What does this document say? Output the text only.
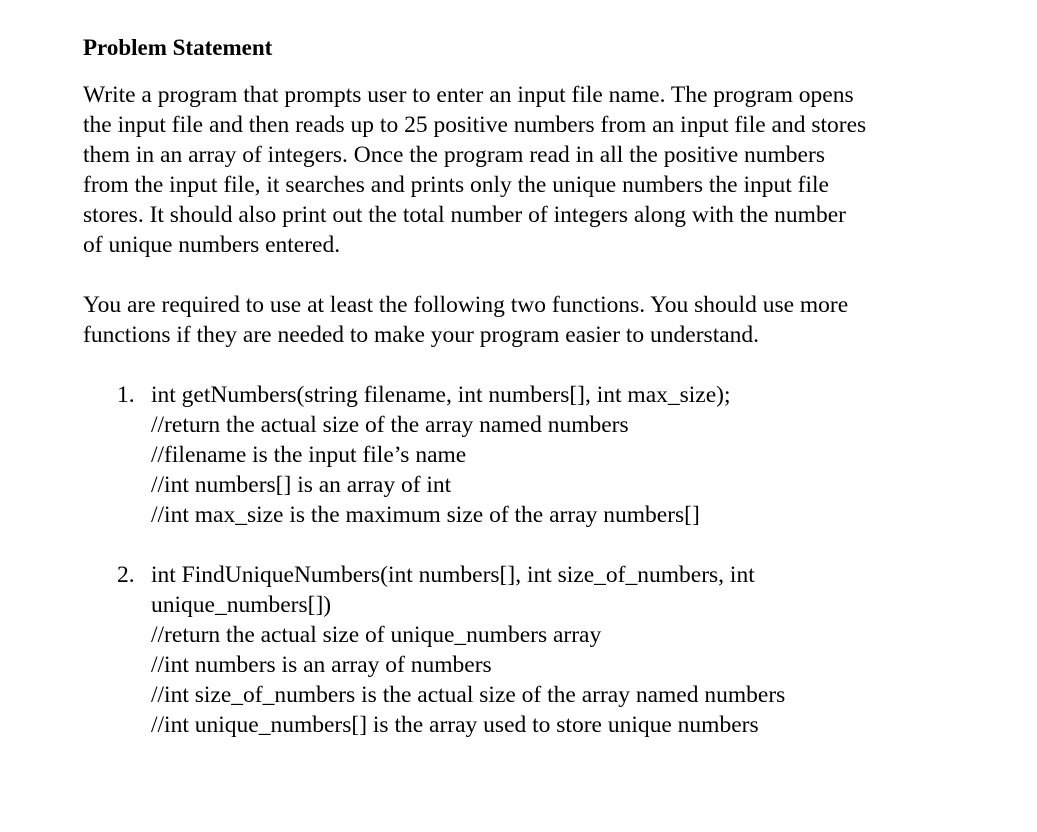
Problem Statement

Write a program that prompts user to enter an input file name. The program opens
the input file and then reads up to 25 positive numbers from an input file and stores
them in an array of integers. Once the program read in all the positive numbers
from the input file, it searches and prints only the unique numbers the input file
stores. It should also print out the total number of integers along with the number
of unique numbers entered.

You are required to use at least the following two functions. You should use more
functions if they are needed to make your program easier to understand.

1. int getNumbers(string filename, int numbers[], int max_size);
//return the actual size of the array named numbers
//filename is the input file’s name
//int numbers[] is an array of int
//int max_size is the maximum size of the array numbers[]
2. int FindUniqueNumbers(int numbers[], int size_of_numbers, int
unique_numbers[])
//return the actual size of unique_numbers array
//int numbers is an array of numbers
//int size_of_numbers is the actual size of the array named numbers
//int unique_numbers[] is the array used to store unique numbers
